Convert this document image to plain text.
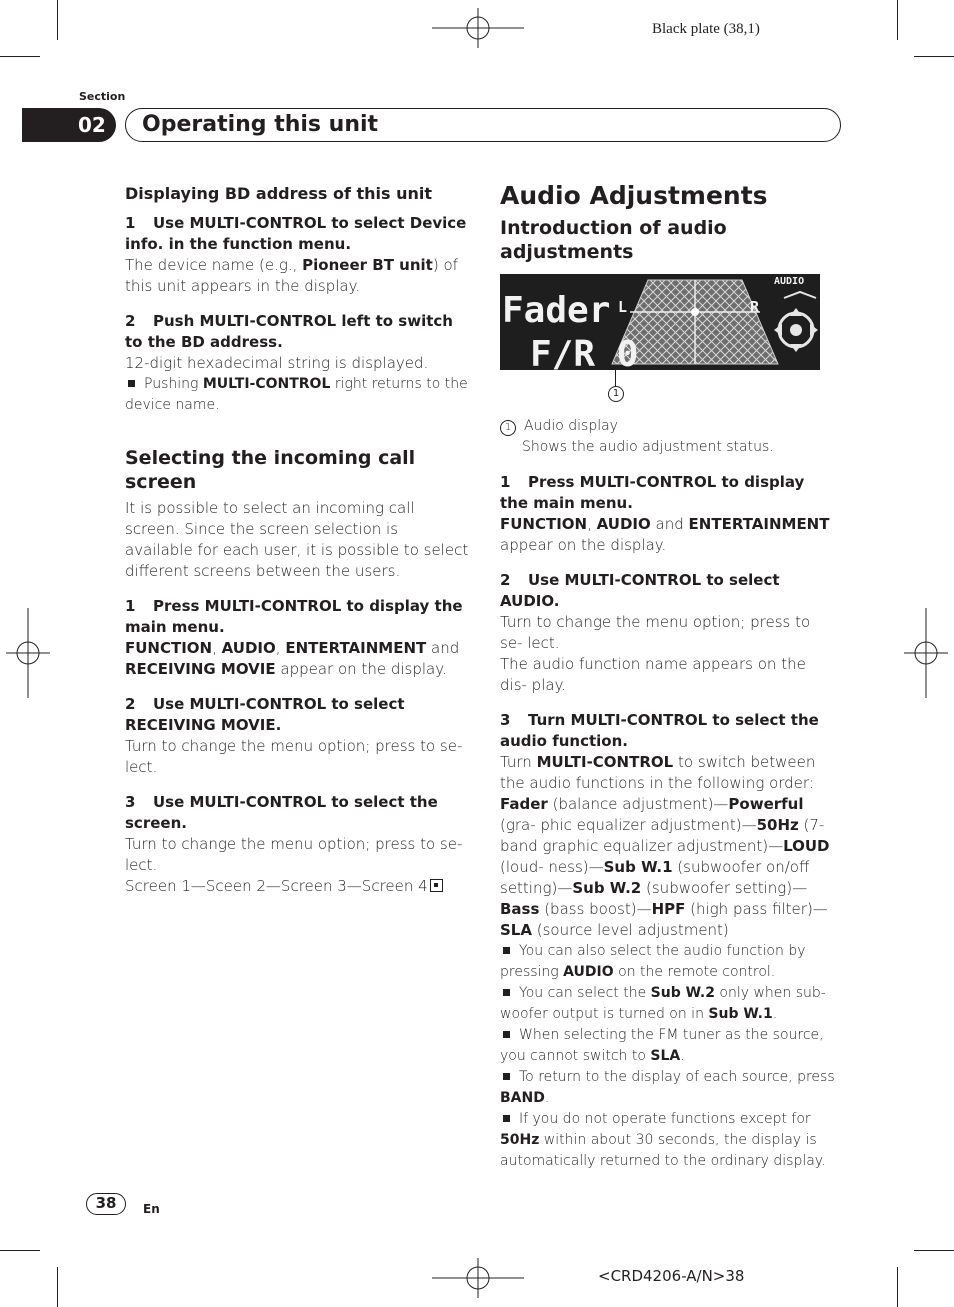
Black plate (38,1)
Section
02	Operating this unit

Displaying BD address of this unit

1 Use MULTI-CONTROL to select Device info. in the function menu.

The device name (e.g., Pioneer BT unit) of this unit appears in the display.

2 Push MULTI-CONTROL left to switch to the BD address.

12-digit hexadecimal string is displayed.

Pushing MULTI-CONTROL right returns to the device name.

Selecting the incoming call screen

It is possible to select an incoming call screen. Since the screen selection is available for each user, it is possible to select different screens between the users.

1 Press MULTI-CONTROL to display the main menu.

FUNCTION, AUDIO, ENTERTAINMENT and RECEIVING MOVIE appear on the display.

2 Use MULTI-CONTROL to select RECEIVING MOVIE.

Turn to change the menu option; press to se- lect.

3 Use MULTI-CONTROL to select the screen.

Turn to change the menu option; press to se- lect.

Screen 1—Sceen 2—Screen 3—Screen 4

Audio Adjustments

Introduction of audio adjustments

Fader
F/R 0
AUDIO
L	R
1

1 Audio display

Shows the audio adjustment status.

1 Press MULTI-CONTROL to display the main menu.

FUNCTION, AUDIO and ENTERTAINMENT

appear on the display.

2 Use MULTI-CONTROL to select AUDIO.

Turn to change the menu option; press to se- lect.

The audio function name appears on the dis- play.

3 Turn MULTI-CONTROL to select the audio function.

Turn MULTI-CONTROL to switch between the audio functions in the following order:
Fader (balance adjustment)—Powerful (gra- phic equalizer adjustment)—50Hz (7-band graphic equalizer adjustment)—LOUD (loud- ness)—Sub W.1 (subwoofer on/off setting)—Sub W.2 (subwoofer setting)—Bass (bass boost)—HPF (high pass filter)—SLA (source level adjustment)

You can also select the audio function by pressing AUDIO on the remote control.

You can select the Sub W.2 only when sub- woofer output is turned on in Sub W.1.

When selecting the FM tuner as the source, you cannot switch to SLA.

To return to the display of each source, press BAND.

If you do not operate functions except for 50Hz within about 30 seconds, the display is automatically returned to the ordinary display.

38	En
<CRD4206-A/N>38
